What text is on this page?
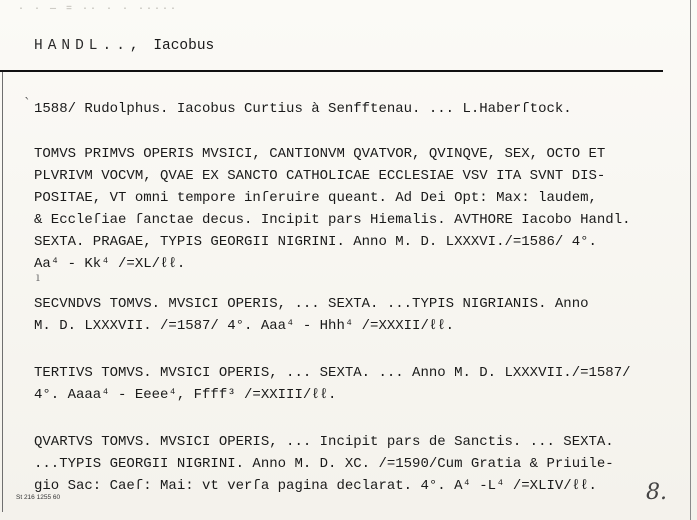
· · — = ·· · · ·····
HANDL.., Iacobus
`
ı
1588/ Rudolphus. Iacobus Curtius à Senfftenau. ... L.Haberſtock.
TOMVS PRIMVS OPERIS MVSICI, CANTIONVM QVATVOR, QVINQVE, SEX, OCTO ET
PLVRIVM VOCVM, QVAE EX SANCTO CATHOLICAE ECCLESIAE VSV ITA SVNT DIS-
POSITAE, VT omni tempore inſeruire queant. Ad Dei Opt: Max: laudem,
& Eccleſiae ſanctae decus. Incipit pars Hiemalis. AVTHORE Iacobo Handl.
SEXTA. PRAGAE, TYPIS GEORGII NIGRINI. Anno M. D. LXXXVI./=1586/ 4°.
Aa⁴ - Kk⁴ /=XL/ℓℓ.
SECVNDVS TOMVS. MVSICI OPERIS, ... SEXTA. ...TYPIS NIGRIANIS. Anno
M. D. LXXXVII. /=1587/ 4°. Aaa⁴ - Hhh⁴ /=XXXII/ℓℓ.
TERTIVS TOMVS. MVSICI OPERIS, ... SEXTA. ... Anno M. D. LXXXVII./=1587/
4°. Aaaa⁴ - Eeee⁴, Ffff³ /=XXIII/ℓℓ.
QVARTVS TOMVS. MVSICI OPERIS, ... Incipit pars de Sanctis. ... SEXTA.
...TYPIS GEORGII NIGRINI. Anno M. D. XC. /=1590/Cum Gratia & Priuile-
gio Sac: Caeſ: Mai: vt verſa pagina declarat. 4°. A⁴ -L⁴ /=XLIV/ℓℓ.
St 216 1255 60	8.
